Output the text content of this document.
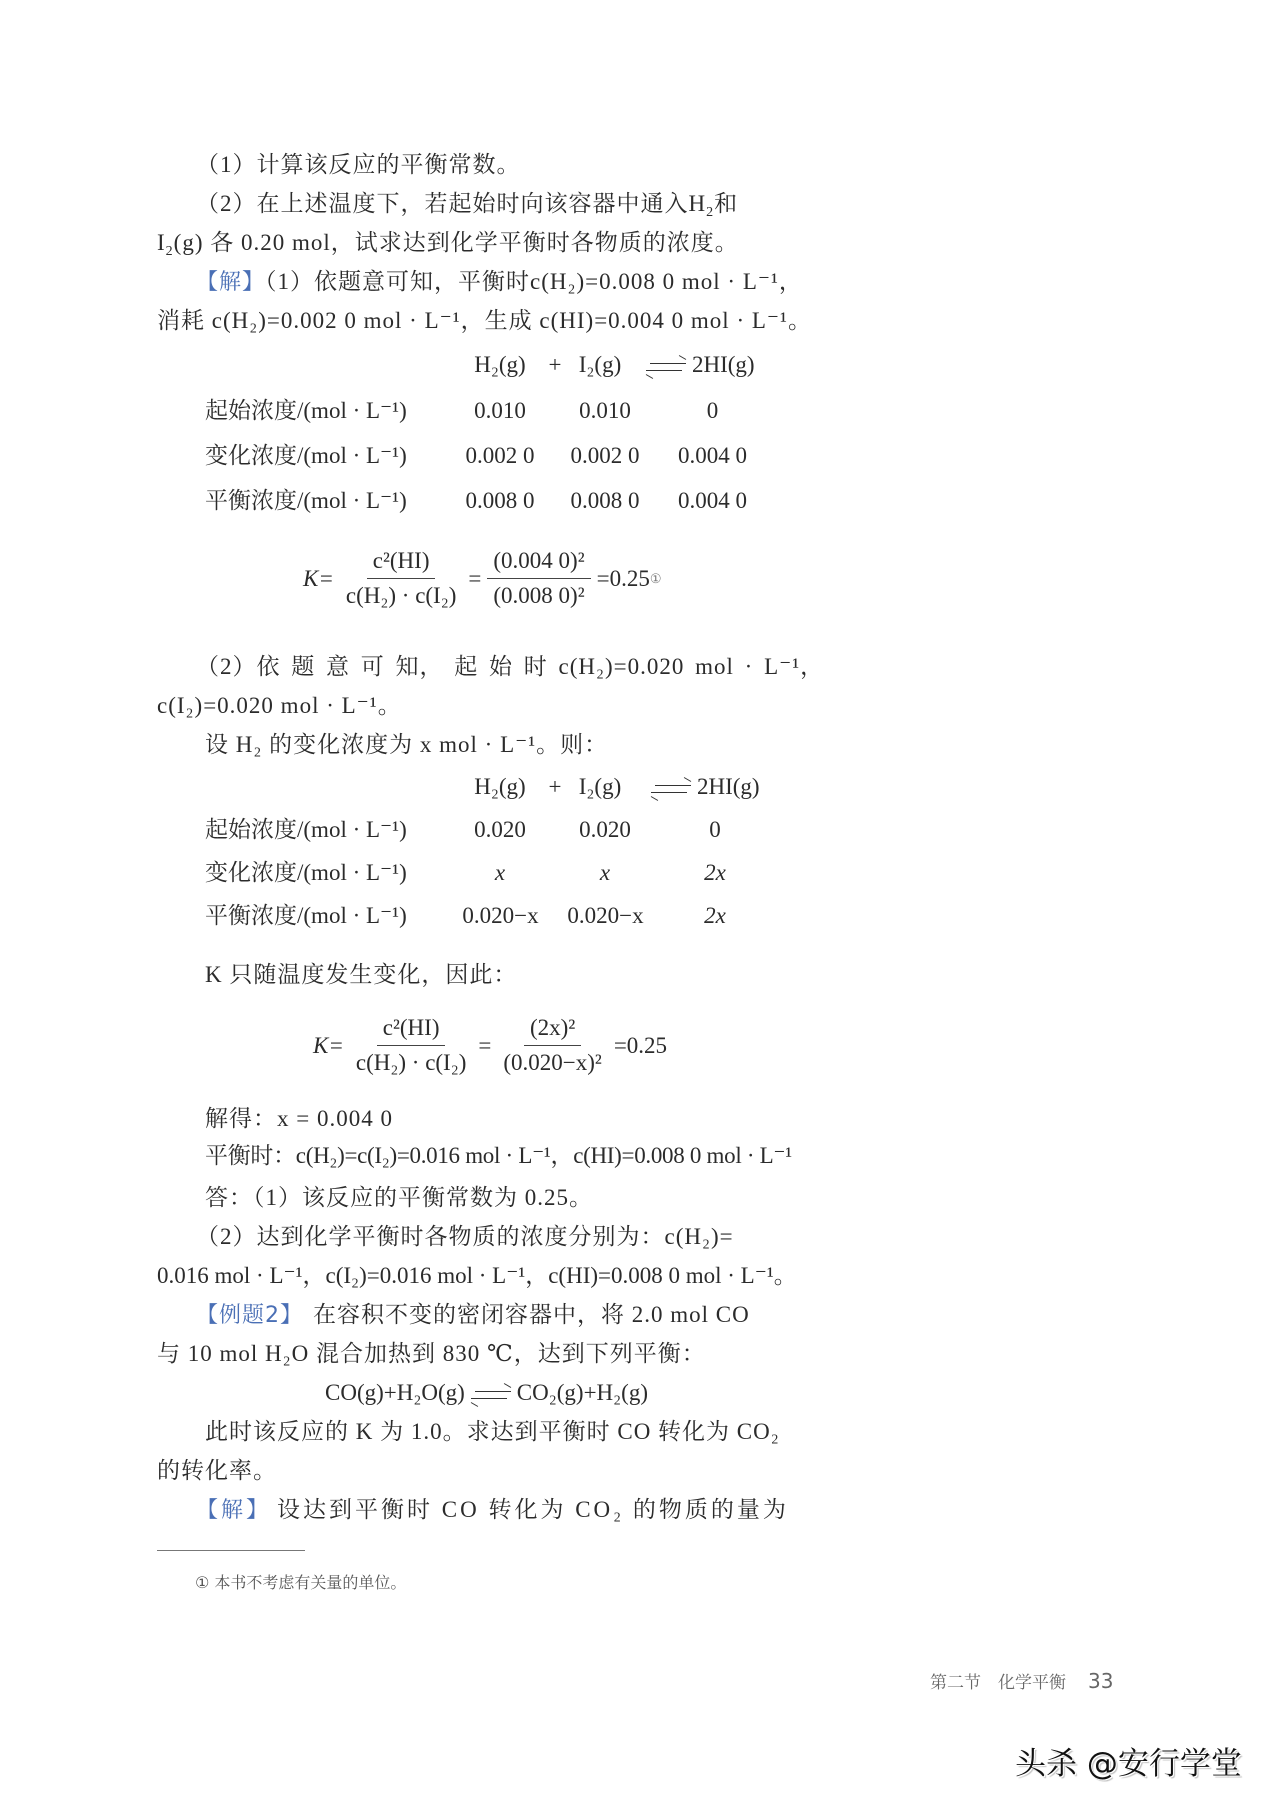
（1）计算该反应的平衡常数。
（2）在上述温度下，若起始时向该容器中通入$H_2$和
$I_2(g)$ 各 0.20 mol，试求达到化学平衡时各物质的浓度。
【解】（1）依题意可知，平衡时c(H₂)=0.008 0 mol · L⁻¹，
消耗 c(H₂)=0.002 0 mol · L⁻¹，生成 c(HI)=0.004 0 mol · L⁻¹。
H₂(g) + I₂(g)	2HI(g)
起始浓度/(mol · L⁻¹)	0.010	0.010	0
变化浓度/(mol · L⁻¹)	0.002 0	0.002 0	0.004 0
平衡浓度/(mol · L⁻¹)	0.008 0	0.008 0	0.004 0
$K= \frac{\text{c²(HI)}}{\text{c(H₂) · c(I₂)}} = \frac{\text{(0.004 0)²}}{\text{(0.008 0)²}} =0.25$ ①
（2）依 题 意 可 知， 起 始 时 c(H₂)=0.020 mol · L⁻¹，
c(I₂)=0.020 mol · L⁻¹。
设 H₂ 的变化浓度为 x mol · L⁻¹。则：
H₂(g) + I₂(g)	2HI(g)
起始浓度/(mol · L⁻¹)	0.020	0.020	0
变化浓度/(mol · L⁻¹)	x	x	2x
平衡浓度/(mol · L⁻¹)	0.020−x	0.020−x	2x
K 只随温度发生变化，因此：
$K= \frac{\text{c²(HI)}}{\text{c(H₂) · c(I₂)}} = \frac{\text{(2x)²}}{\text{(0.020−x)²}} =0.25$
解得：x = 0.004 0
平衡时：c(H₂)=c(I₂)=0.016 mol · L⁻¹，c(HI)=0.008 0 mol · L⁻¹
答：（1）该反应的平衡常数为 0.25。
（2）达到化学平衡时各物质的浓度分别为：c(H₂)=
0.016 mol · L⁻¹，c(I₂)=0.016 mol · L⁻¹，c(HI)=0.008 0 mol · L⁻¹。
【例题2】 在容积不变的密闭容器中，将 2.0 mol CO
与 10 mol H₂O 混合加热到 830 ℃，达到下列平衡：
CO(g)+H₂O(g) CO₂(g)+H₂(g)
此时该反应的 K 为 1.0。求达到平衡时 CO 转化为 CO₂
的转化率。
【解】 设达到平衡时 CO 转化为 CO₂ 的物质的量为
① 本书不考虑有关量的单位。
第二节　化学平衡 33
头杀 @安行学堂
